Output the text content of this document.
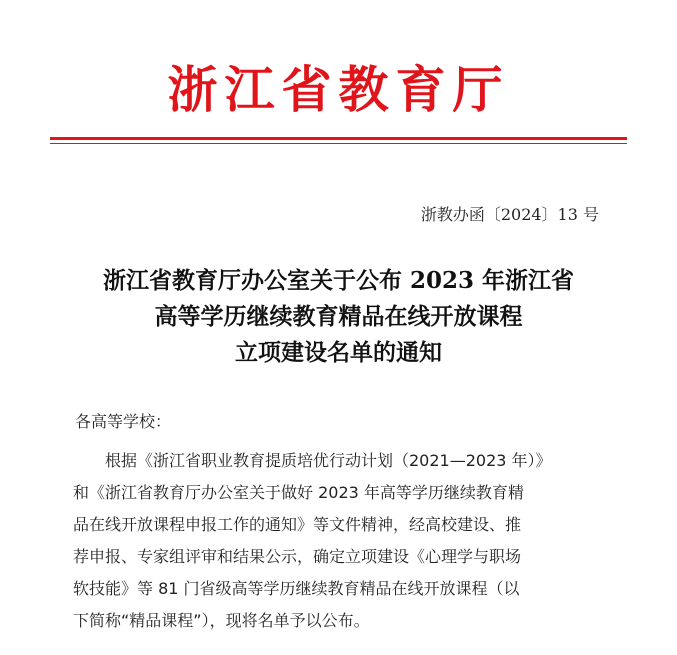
浙江省教育厅
浙教办函〔2024〕13 号
浙江省教育厅办公室关于公布 2023 年浙江省
高等学历继续教育精品在线开放课程
立项建设名单的通知
各高等学校：
根据《浙江省职业教育提质培优行动计划（2021—2023 年）》
和《浙江省教育厅办公室关于做好 2023 年高等学历继续教育精
品在线开放课程申报工作的通知》等文件精神，经高校建设、推
荐申报、专家组评审和结果公示，确定立项建设《心理学与职场
软技能》等 81 门省级高等学历继续教育精品在线开放课程（以
下简称“精品课程”），现将名单予以公布。
